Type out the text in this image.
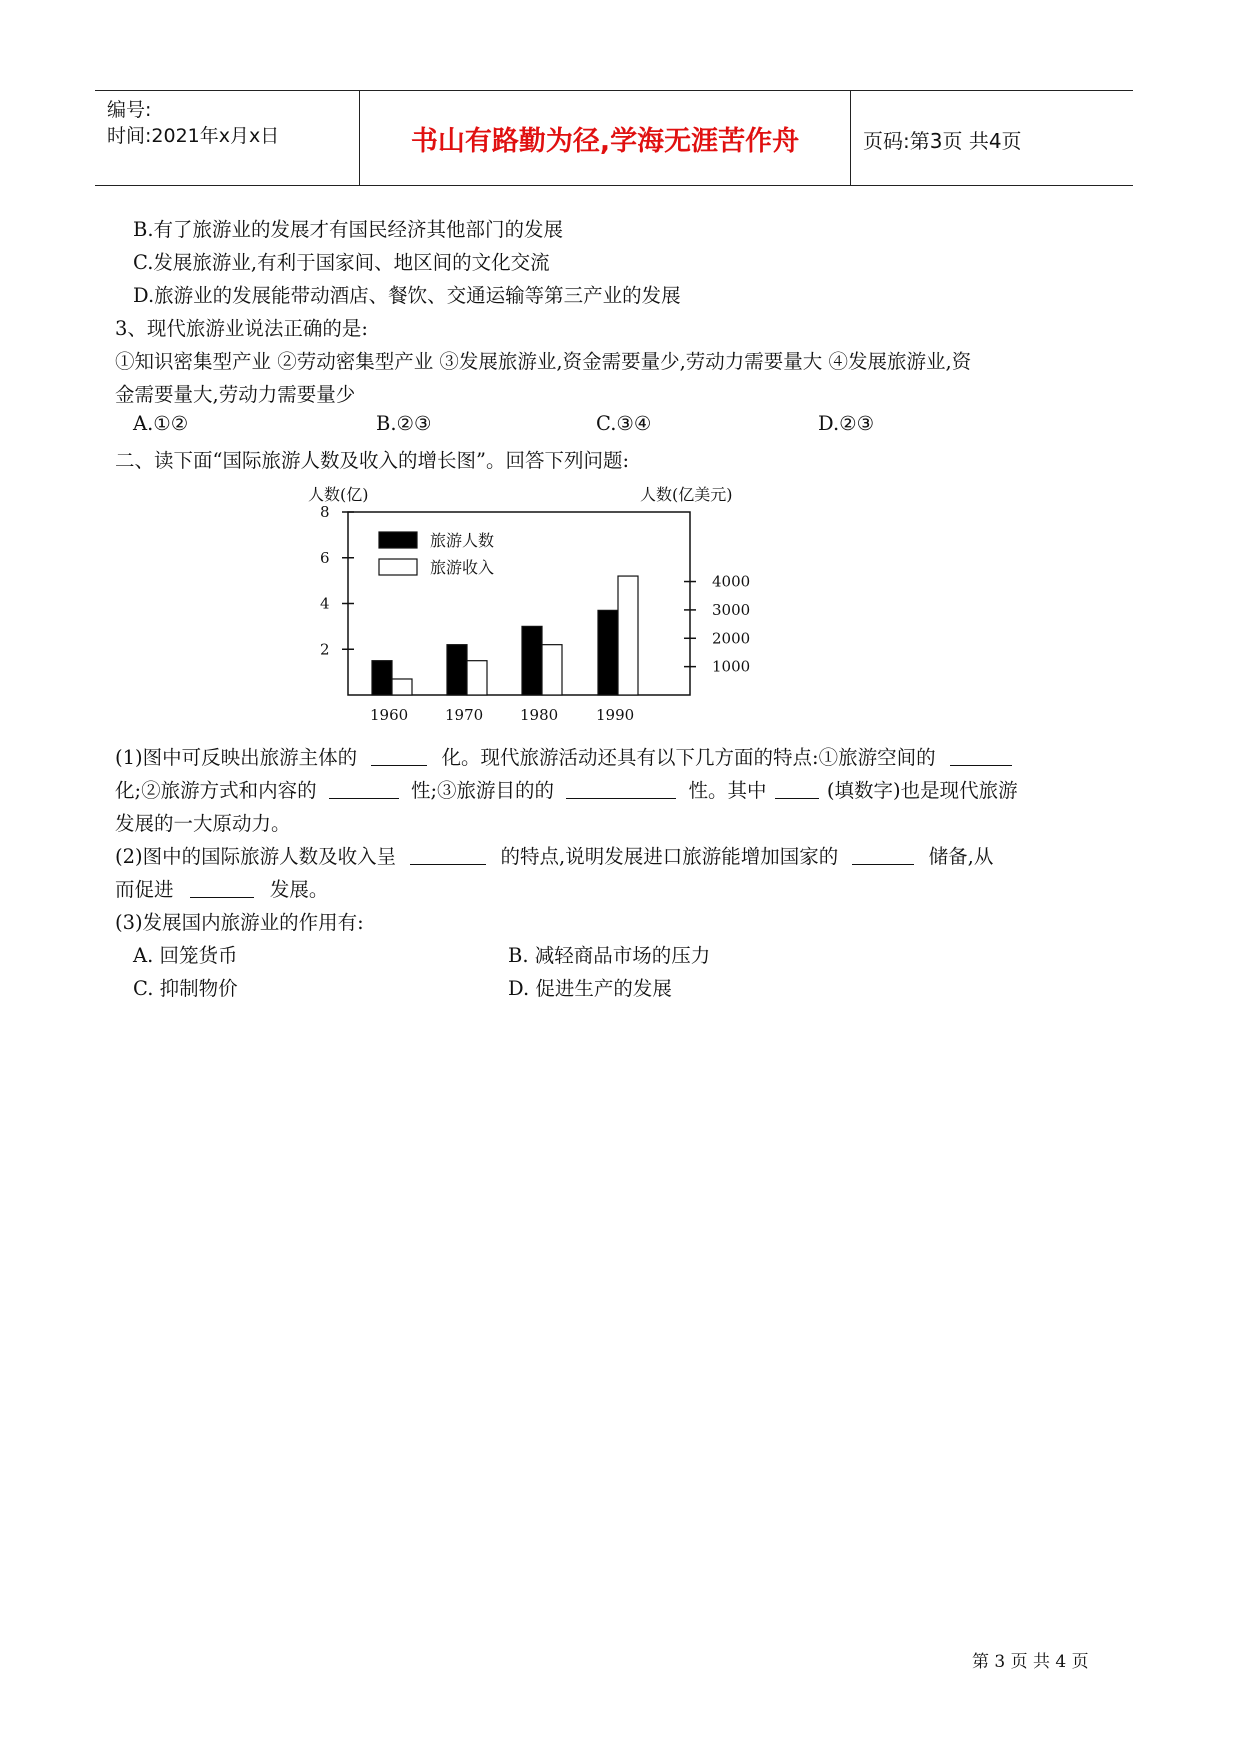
编号:
时间:2021年x月x日	书山有路勤为径,学海无涯苦作舟	页码:第3页 共4页
B.有了旅游业的发展才有国民经济其他部门的发展
C.发展旅游业,有利于国家间、地区间的文化交流
D.旅游业的发展能带动酒店、餐饮、交通运输等第三产业的发展
3、现代旅游业说法正确的是:
①知识密集型产业 ②劳动密集型产业 ③发展旅游业,资金需要量少,劳动力需要量大 ④发展旅游业,资
金需要量大,劳动力需要量少
A.①②	B.②③	C.③④	D.②③
二、读下面“国际旅游人数及收入的增长图”。回答下列问题:
人数(亿)	人数(亿美元)
8
6
4
2
4000
3000
2000
1000
1960 1970 1980	1990
旅游人数
旅游收入
(1)图中可反映出旅游主体的	化。现代旅游活动还具有以下几方面的特点:①旅游空间的
化;②旅游方式和内容的	性;③旅游目的的	性。其中	(填数字)也是现代旅游
发展的一大原动力。
(2)图中的国际旅游人数及收入呈	的特点,说明发展进口旅游能增加国家的	储备,从
而促进	发展。
(3)发展国内旅游业的作用有:
A. 回笼货币	B. 减轻商品市场的压力
C. 抑制物价	D. 促进生产的发展
第 3 页 共 4 页
